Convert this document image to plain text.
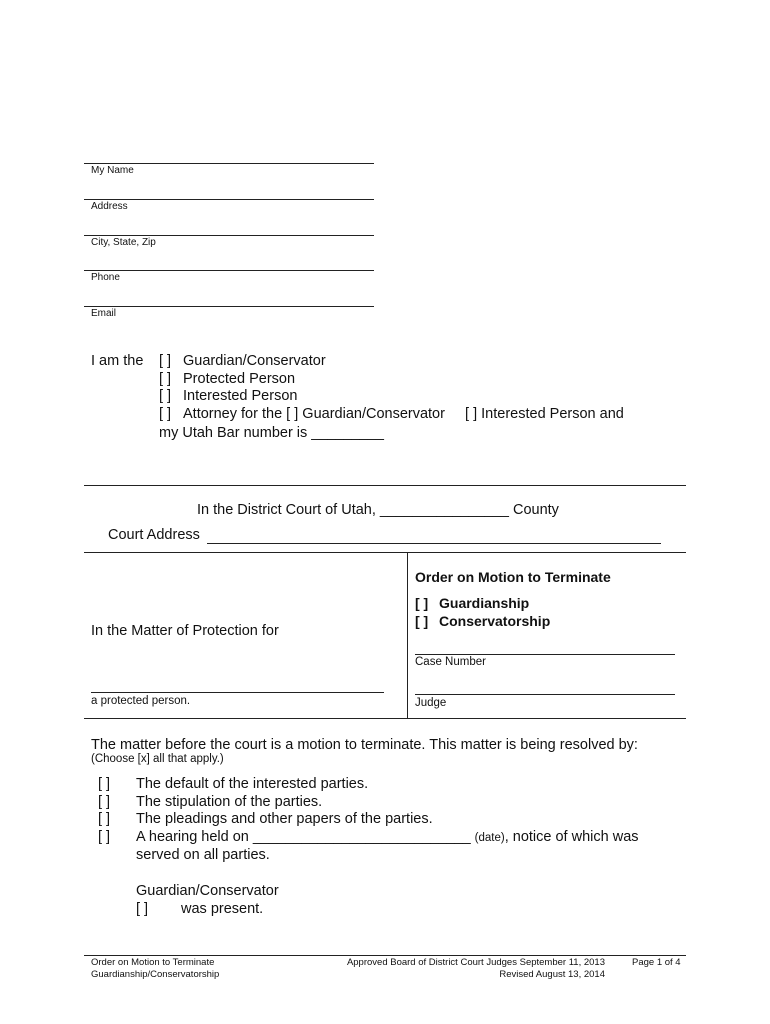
My Name
Address
City, State, Zip
Phone
Email
I am the [ ] Guardian/Conservator
[ ] Protected Person
[ ] Interested Person
[ ] Attorney for the [ ] Guardian/Conservator [ ] Interested Person and
my Utah Bar number is _________
In the District Court of Utah, ________________ County
Court Address
In the Matter of Protection for
a protected person.
Order on Motion to Terminate
[ ] Guardianship
[ ] Conservatorship
Case Number
Judge
The matter before the court is a motion to terminate. This matter is being resolved by:
(Choose [x] all that apply.)
[ ] The default of the interested parties.
[ ] The stipulation of the parties.
[ ] The pleadings and other papers of the parties.
[ ] A hearing held on ___________________________ (date), notice of which was
served on all parties.
Guardian/Conservator
[ ] was present.
Order on Motion to Terminate
Guardianship/Conservatorship
Approved Board of District Court Judges September 11, 2013
Revised August 13, 2014
Page 1 of 4
